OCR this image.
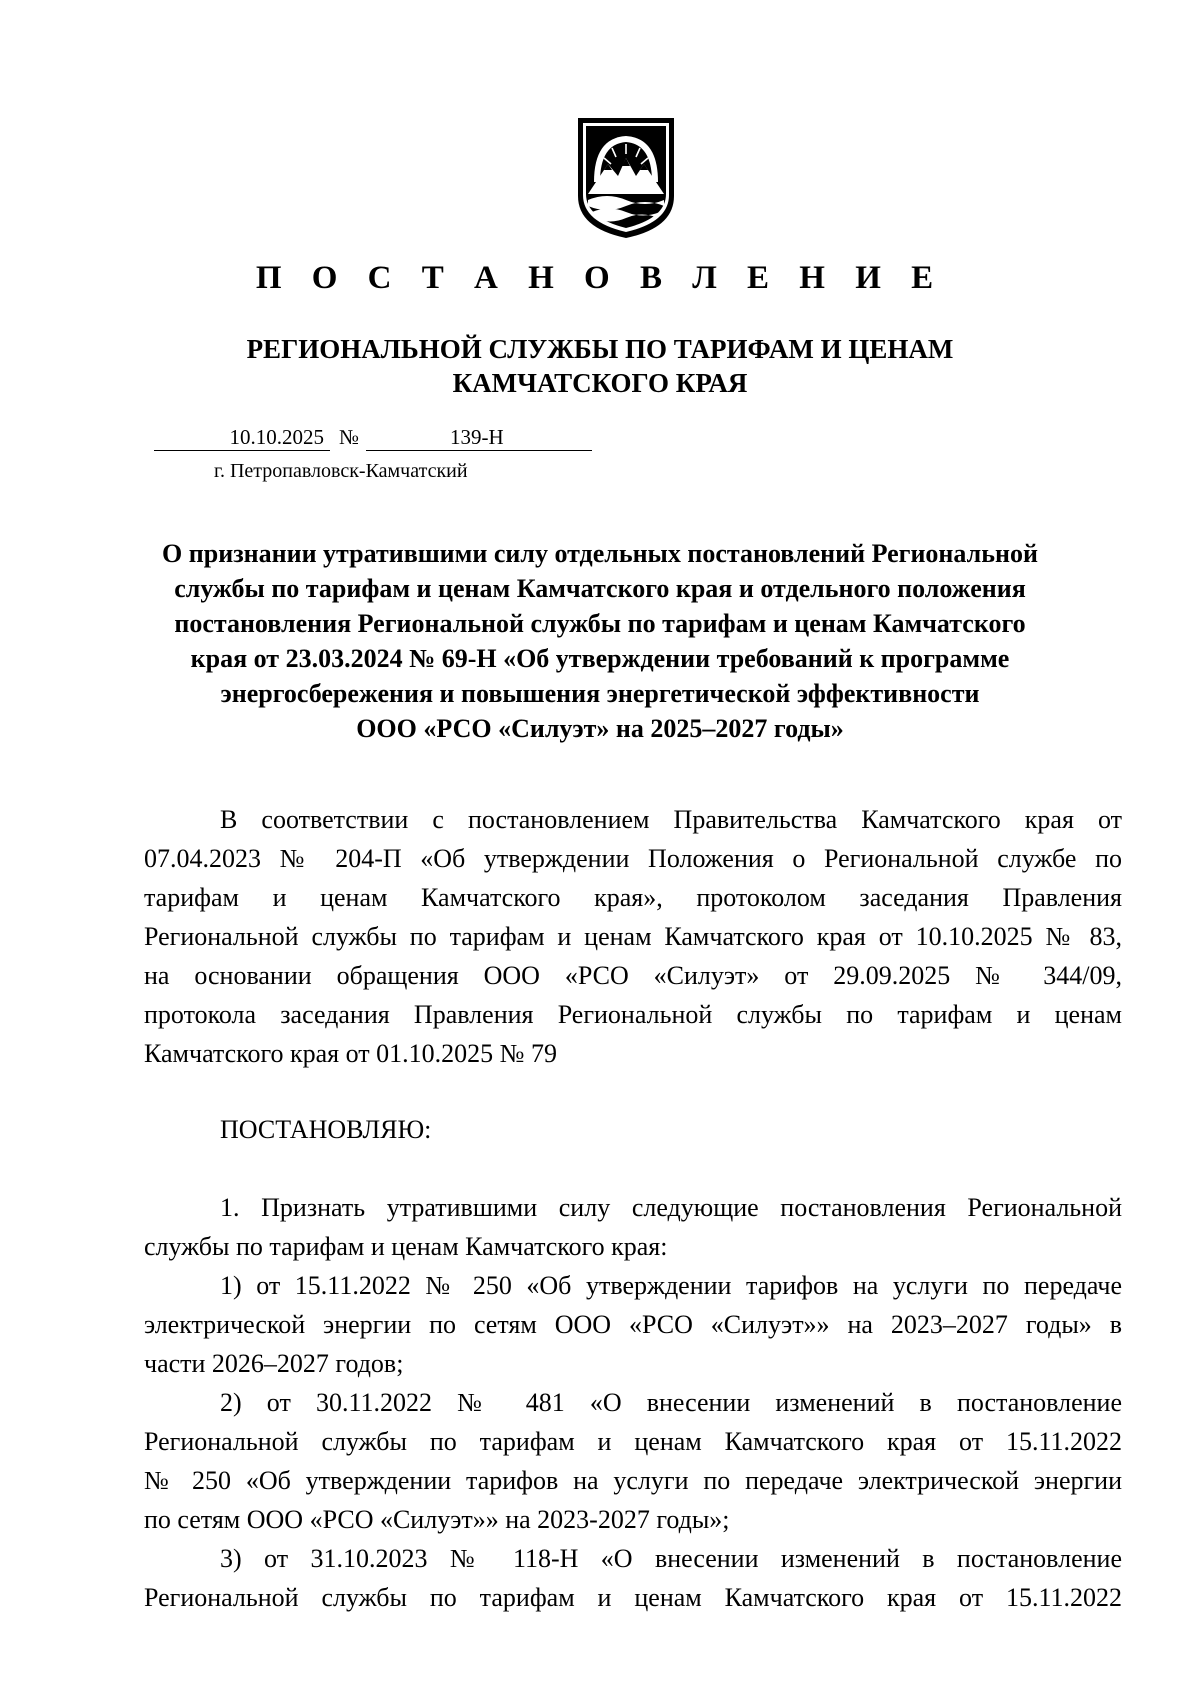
П О С Т А Н О В Л Е Н И Е
РЕГИОНАЛЬНОЙ СЛУЖБЫ ПО ТАРИФАМ И ЦЕНАМ
КАМЧАТСКОГО КРАЯ
10.10.2025 №	139-Н
г. Петропавловск-Камчатский
О признании утратившими силу отдельных постановлений Региональной
службы по тарифам и ценам Камчатского края и отдельного положения
постановления Региональной службы по тарифам и ценам Камчатского
края от 23.03.2024 № 69-Н «Об утверждении требований к программе
энергосбережения и повышения энергетической эффективности
ООО «РСО «Силуэт» на 2025–2027 годы»
В соответствии с постановлением Правительства Камчатского края от
07.04.2023 № 204-П «Об утверждении Положения о Региональной службе по
тарифам и ценам Камчатского края», протоколом заседания Правления
Региональной службы по тарифам и ценам Камчатского края от 10.10.2025 № 83,
на основании обращения ООО «РСО «Силуэт» от 29.09.2025 № 344/09,
протокола заседания Правления Региональной службы по тарифам и ценам
Камчатского края от 01.10.2025 № 79
ПОСТАНОВЛЯЮ:
1. Признать утратившими силу следующие постановления Региональной
службы по тарифам и ценам Камчатского края:
1) от 15.11.2022 № 250 «Об утверждении тарифов на услуги по передаче
электрической энергии по сетям ООО «РСО «Силуэт»» на 2023–2027 годы» в
части 2026–2027 годов;
2) от 30.11.2022 № 481 «О внесении изменений в постановление
Региональной службы по тарифам и ценам Камчатского края от 15.11.2022
№ 250 «Об утверждении тарифов на услуги по передаче электрической энергии
по сетям ООО «РСО «Силуэт»» на 2023-2027 годы»;
3) от 31.10.2023 № 118-Н «О внесении изменений в постановление
Региональной службы по тарифам и ценам Камчатского края от 15.11.2022
